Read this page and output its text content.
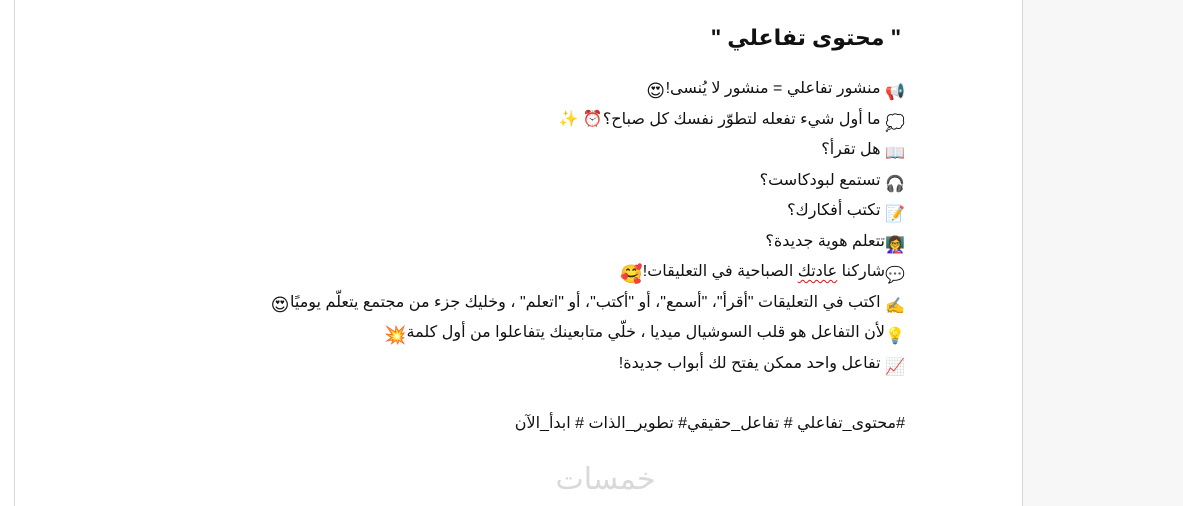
" محتوى تفاعلي "
📢 منشور تفاعلي = منشور لا يُنسى!😍
💭 ما أول شيء تفعله لتطوّر نفسك كل صباح؟⏰ ✨
📖 هل تقرأ؟
🎧 تستمع لبودكاست؟
📝 تكتب أفكارك؟
👩‍🏫تتعلم هوية جديدة؟
💬شاركنا عادتك الصباحية في التعليقات!🥰
✍️ اكتب في التعليقات "أقرأ"، "أسمع"، أو "أكتب"، أو "اتعلم" ، وخليك جزء من مجتمع يتعلّم يوميًا😍
💡لأن التفاعل هو قلب السوشيال ميديا ، خلّي متابعينك يتفاعلوا من أول كلمة💥
📈 تفاعل واحد ممكن يفتح لك أبواب جديدة!
#محتوى_تفاعلي # تفاعل_حقيقي# تطوير_الذات # ابدأ_الآن
خمسات
